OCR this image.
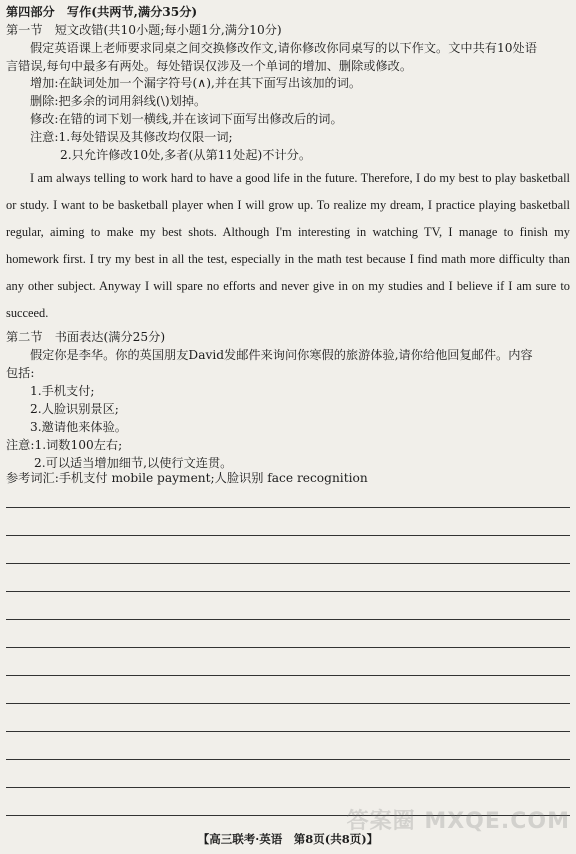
第四部分　写作(共两节,满分35分)
第一节　短文改错(共10小题;每小题1分,满分10分)
假定英语课上老师要求同桌之间交换修改作文,请你修改你同桌写的以下作文。文中共有10处语
言错误,每句中最多有两处。每处错误仅涉及一个单词的增加、删除或修改。
增加:在缺词处加一个漏字符号(∧),并在其下面写出该加的词。
删除:把多余的词用斜线(\)划掉。
修改:在错的词下划一横线,并在该词下面写出修改后的词。
注意:1.每处错误及其修改均仅限一词;
2.只允许修改10处,多者(从第11处起)不计分。
I am always telling to work hard to have a good life in the future. Therefore, I do my best to play basketball or study. I want to be basketball player when I will grow up. To realize my dream, I practice playing basketball regular, aiming to make my best shots. Although I'm interesting in watching TV, I manage to finish my homework first. I try my best in all the test, especially in the math test because I find math more difficulty than any other subject. Anyway I will spare no efforts and never give in on my studies and I believe if I am sure to succeed.
第二节　书面表达(满分25分)
假定你是李华。你的英国朋友David发邮件来询问你寒假的旅游体验,请你给他回复邮件。内容
包括:
1.手机支付;
2.人脸识别景区;
3.邀请他来体验。
注意:1.词数100左右;
2.可以适当增加细节,以使行文连贯。
参考词汇:手机支付 mobile payment;人脸识别 face recognition
答案圈 MXQE.COM
【高三联考·英语　第8页(共8页)】
